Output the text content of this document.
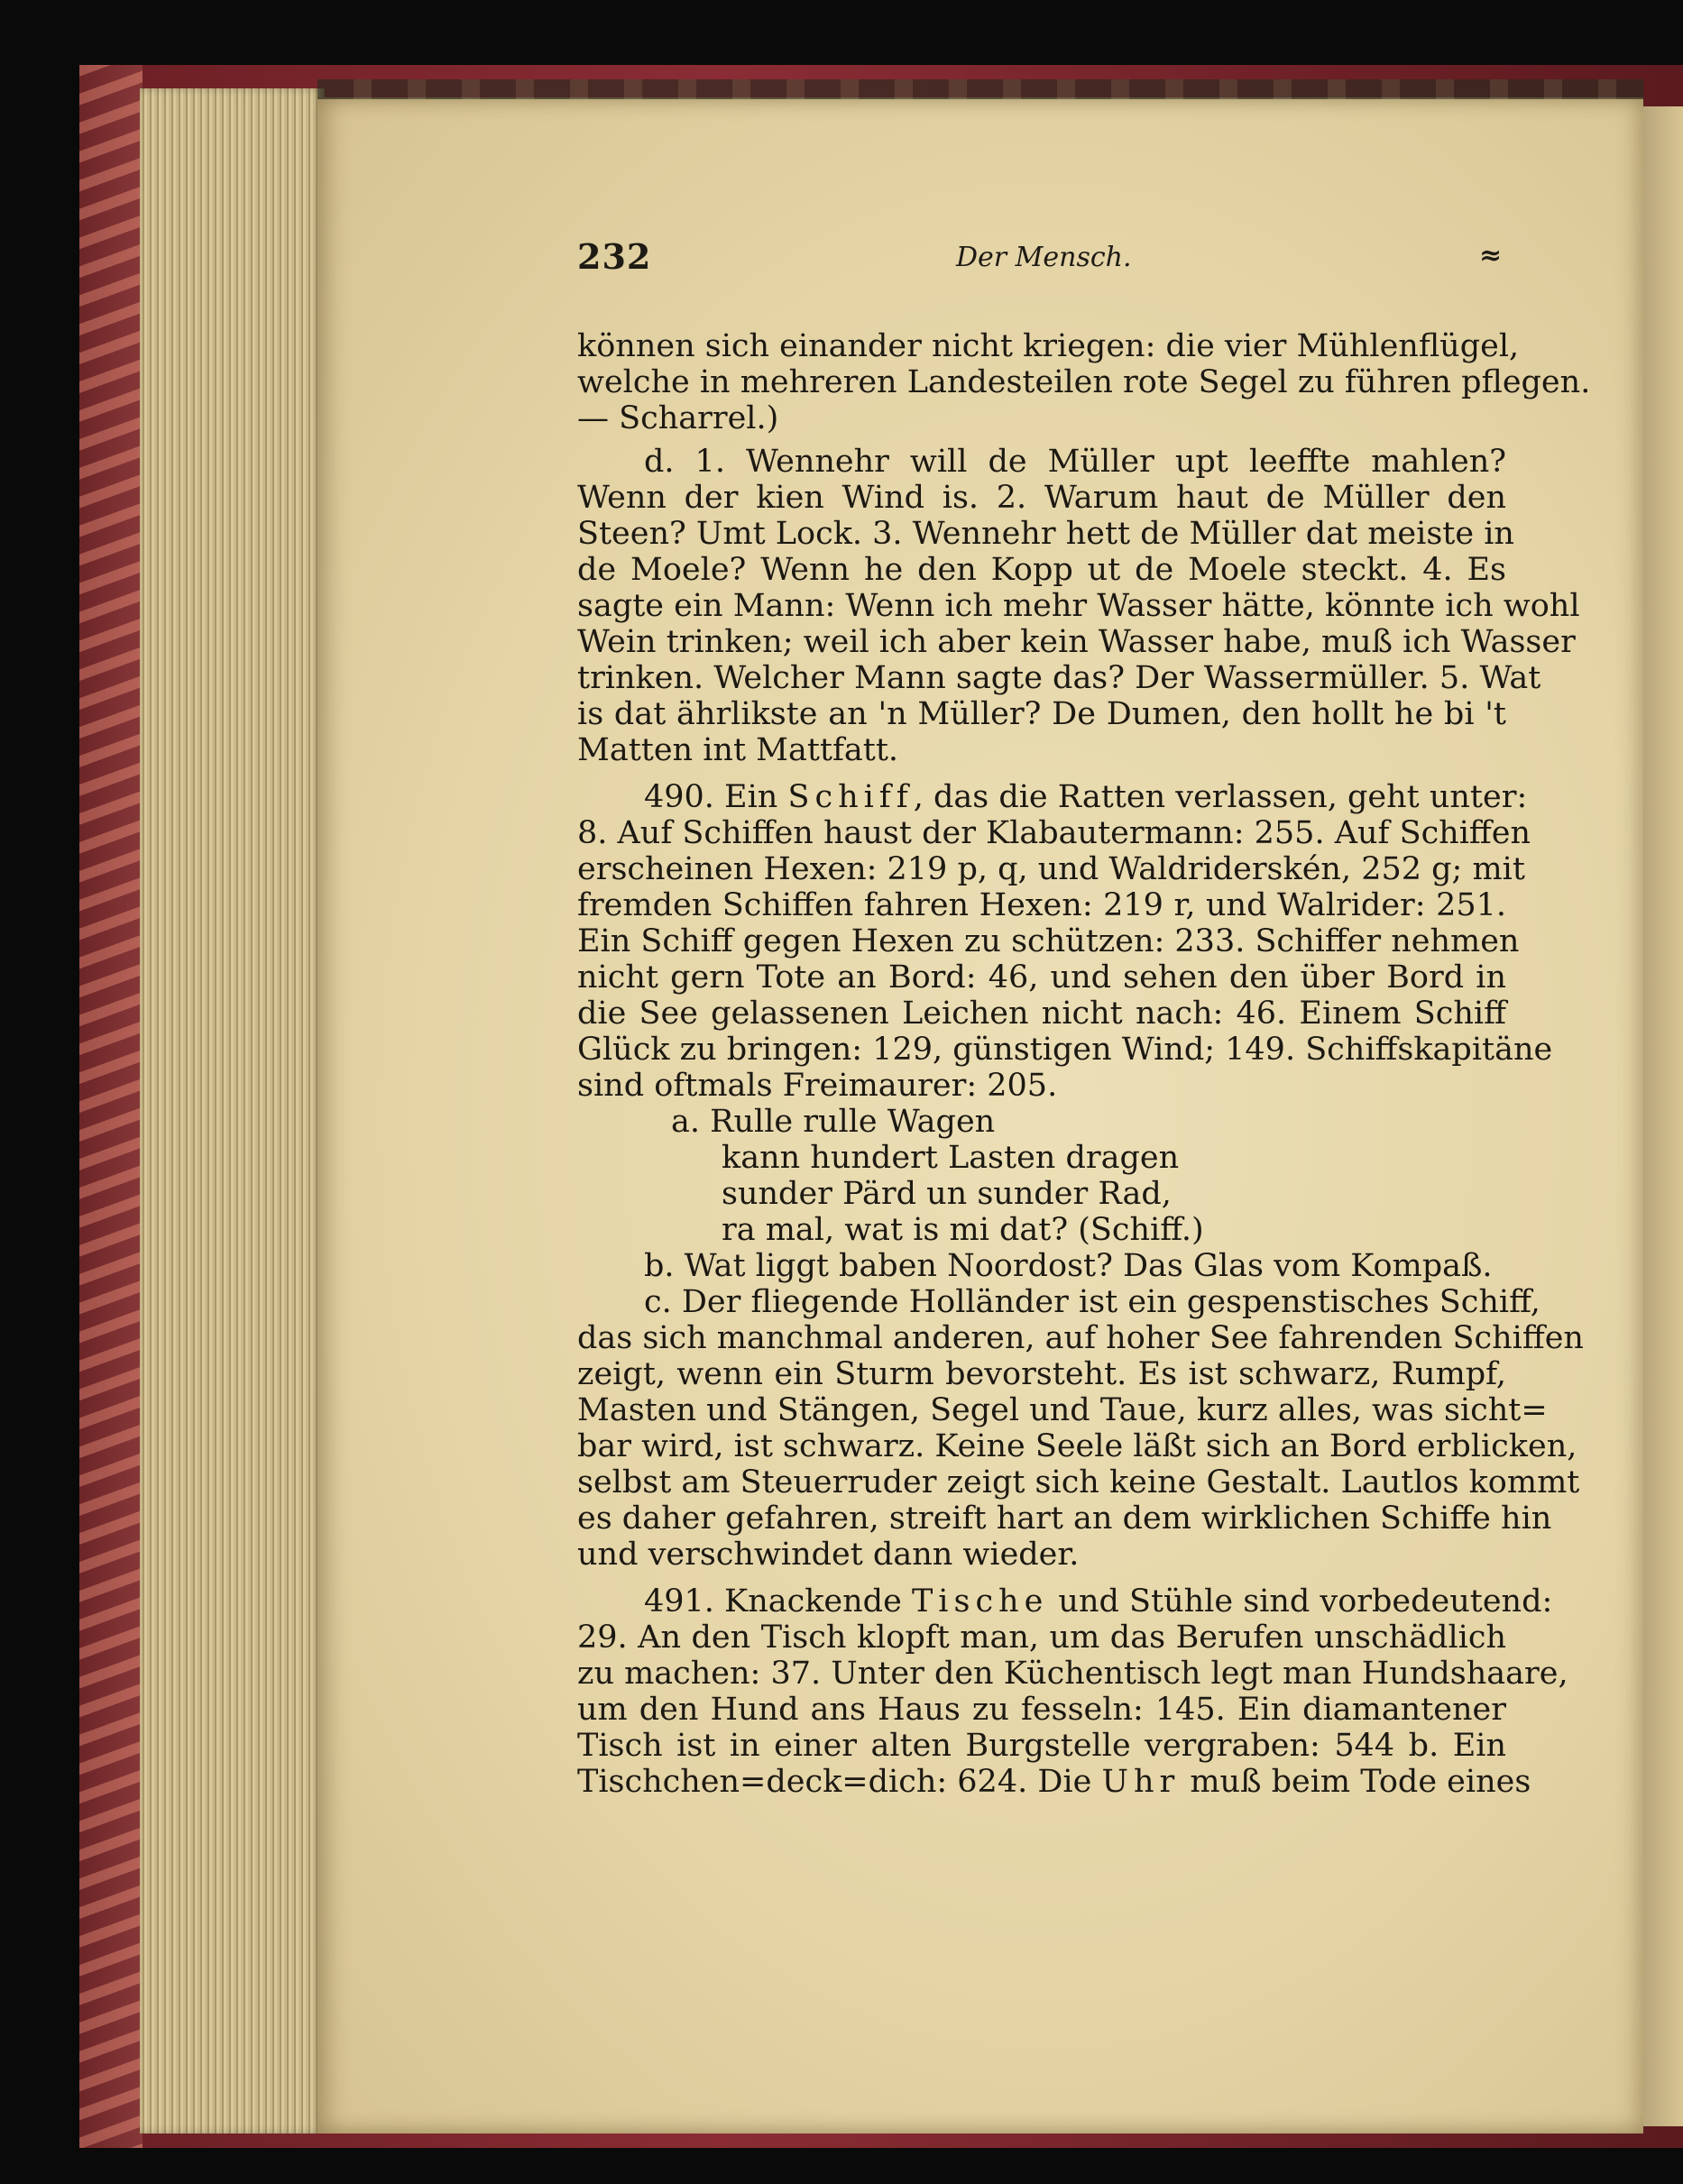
232	Der Mensch.	≈
können sich einander nicht kriegen: die vier Mühlenflügel,
welche in mehreren Landesteilen rote Segel zu führen pflegen.
— Scharrel.)
d. 1. Wennehr will de Müller upt leeffte mahlen?
Wenn der kien Wind is. 2. Warum haut de Müller den
Steen? Umt Lock. 3. Wennehr hett de Müller dat meiste in
de Moele? Wenn he den Kopp ut de Moele steckt. 4. Es
sagte ein Mann: Wenn ich mehr Wasser hätte, könnte ich wohl
Wein trinken; weil ich aber kein Wasser habe, muß ich Wasser
trinken. Welcher Mann sagte das? Der Wassermüller. 5. Wat
is dat ährlikste an 'n Müller? De Dumen, den hollt he bi 't
Matten int Mattfatt.
490. Ein Schiff, das die Ratten verlassen, geht unter:
8. Auf Schiffen haust der Klabautermann: 255. Auf Schiffen
erscheinen Hexen: 219 p, q, und Waldriderskén, 252 g; mit
fremden Schiffen fahren Hexen: 219 r, und Walrider: 251.
Ein Schiff gegen Hexen zu schützen: 233. Schiffer nehmen
nicht gern Tote an Bord: 46, und sehen den über Bord in
die See gelassenen Leichen nicht nach: 46. Einem Schiff
Glück zu bringen: 129, günstigen Wind; 149. Schiffskapitäne
sind oftmals Freimaurer: 205.
a. Rulle rulle Wagen
kann hundert Lasten dragen
sunder Pärd un sunder Rad,
ra mal, wat is mi dat? (Schiff.)
b. Wat liggt baben Noordost? Das Glas vom Kompaß.
c. Der fliegende Holländer ist ein gespenstisches Schiff,
das sich manchmal anderen, auf hoher See fahrenden Schiffen
zeigt, wenn ein Sturm bevorsteht. Es ist schwarz, Rumpf,
Masten und Stängen, Segel und Taue, kurz alles, was sicht=
bar wird, ist schwarz. Keine Seele läßt sich an Bord erblicken,
selbst am Steuerruder zeigt sich keine Gestalt. Lautlos kommt
es daher gefahren, streift hart an dem wirklichen Schiffe hin
und verschwindet dann wieder.
491. Knackende Tische und Stühle sind vorbedeutend:
29. An den Tisch klopft man, um das Berufen unschädlich
zu machen: 37. Unter den Küchentisch legt man Hundshaare,
um den Hund ans Haus zu fesseln: 145. Ein diamantener
Tisch ist in einer alten Burgstelle vergraben: 544 b. Ein
Tischchen=deck=dich: 624. Die Uhr muß beim Tode eines
